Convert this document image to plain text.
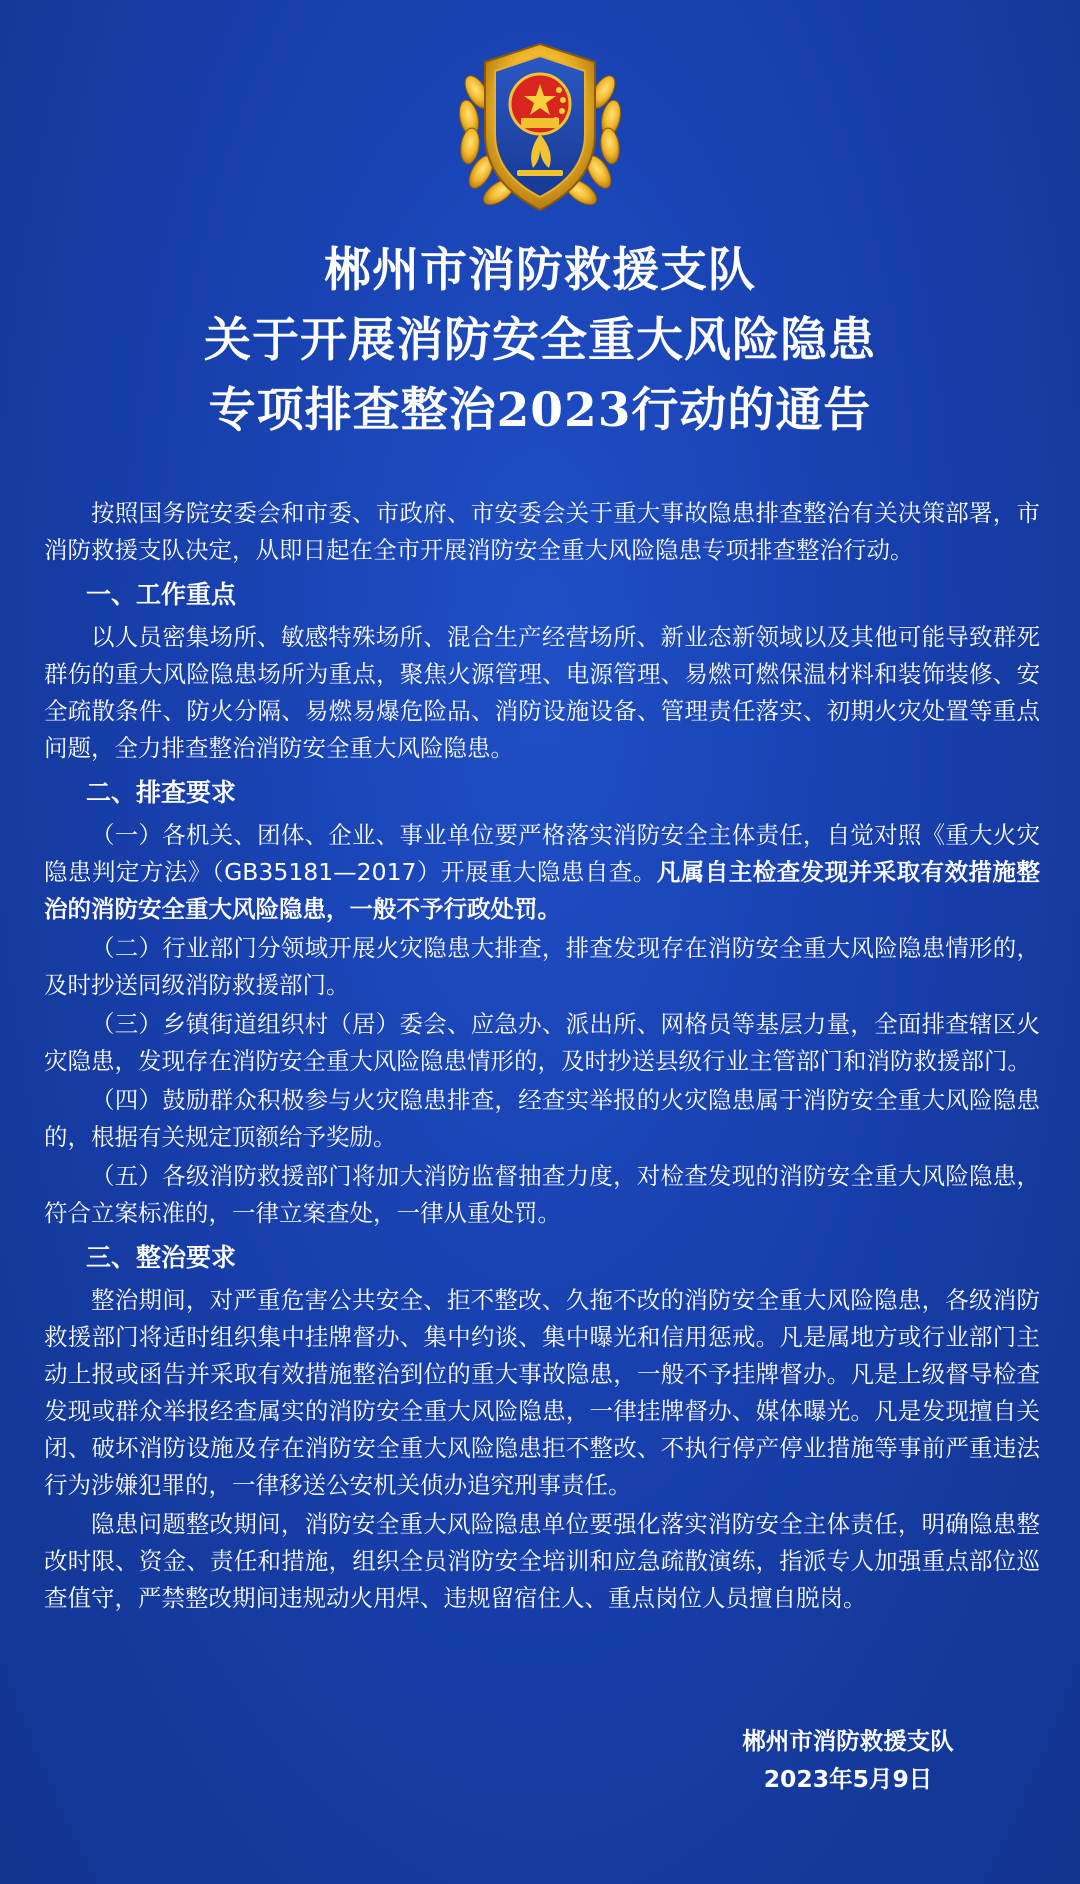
郴州市消防救援支队
关于开展消防安全重大风险隐患
专项排查整治2023行动的通告

按照国务院安委会和市委、市政府、市安委会关于重大事故隐患排查整治有关决策部署，市消防救援支队决定，从即日起在全市开展消防安全重大风险隐患专项排查整治行动。

一、工作重点

以人员密集场所、敏感特殊场所、混合生产经营场所、新业态新领域以及其他可能导致群死群伤的重大风险隐患场所为重点，聚焦火源管理、电源管理、易燃可燃保温材料和装饰装修、安全疏散条件、防火分隔、易燃易爆危险品、消防设施设备、管理责任落实、初期火灾处置等重点问题，全力排查整治消防安全重大风险隐患。

二、排查要求

（一）各机关、团体、企业、事业单位要严格落实消防安全主体责任，自觉对照《重大火灾隐患判定方法》（GB35181—2017）开展重大隐患自查。凡属自主检查发现并采取有效措施整治的消防安全重大风险隐患，一般不予行政处罚。

（二）行业部门分领域开展火灾隐患大排查，排查发现存在消防安全重大风险隐患情形的，及时抄送同级消防救援部门。

（三）乡镇街道组织村（居）委会、应急办、派出所、网格员等基层力量，全面排查辖区火灾隐患，发现存在消防安全重大风险隐患情形的，及时抄送县级行业主管部门和消防救援部门。

（四）鼓励群众积极参与火灾隐患排查，经查实举报的火灾隐患属于消防安全重大风险隐患的，根据有关规定顶额给予奖励。

（五）各级消防救援部门将加大消防监督抽查力度，对检查发现的消防安全重大风险隐患，符合立案标准的，一律立案查处，一律从重处罚。

三、整治要求

整治期间，对严重危害公共安全、拒不整改、久拖不改的消防安全重大风险隐患，各级消防救援部门将适时组织集中挂牌督办、集中约谈、集中曝光和信用惩戒。凡是属地方或行业部门主动上报或函告并采取有效措施整治到位的重大事故隐患，一般不予挂牌督办。凡是上级督导检查发现或群众举报经查属实的消防安全重大风险隐患，一律挂牌督办、媒体曝光。凡是发现擅自关闭、破坏消防设施及存在消防安全重大风险隐患拒不整改、不执行停产停业措施等事前严重违法行为涉嫌犯罪的，一律移送公安机关侦办追究刑事责任。

隐患问题整改期间，消防安全重大风险隐患单位要强化落实消防安全主体责任，明确隐患整改时限、资金、责任和措施，组织全员消防安全培训和应急疏散演练，指派专人加强重点部位巡查值守，严禁整改期间违规动火用焊、违规留宿住人、重点岗位人员擅自脱岗。

郴州市消防救援支队
2023年5月9日
